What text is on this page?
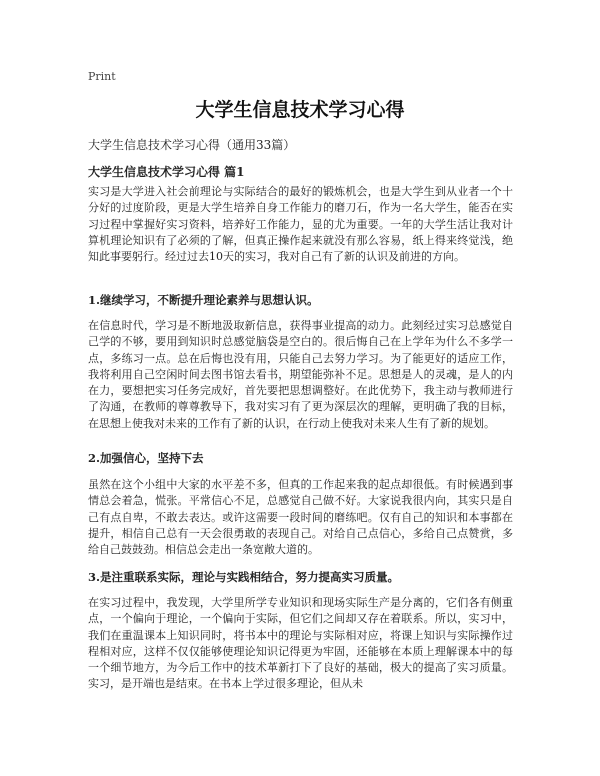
Print
大学生信息技术学习心得
大学生信息技术学习心得（通用33篇）
大学生信息技术学习心得 篇1
实习是大学进入社会前理论与实际结合的最好的锻炼机会，也是大学生到从业者一个十分好的过度阶段，更是大学生培养自身工作能力的磨刀石，作为一名大学生，能否在实习过程中掌握好实习资料，培养好工作能力，显的尤为重要。一年的大学生活让我对计算机理论知识有了必须的了解，但真正操作起来就没有那么容易，纸上得来终觉浅，绝知此事要躬行。经过过去10天的实习，我对自己有了新的认识及前进的方向。
1.继续学习，不断提升理论素养与思想认识。
在信息时代，学习是不断地汲取新信息，获得事业提高的动力。此刻经过实习总感觉自己学的不够，要用到知识时总感觉脑袋是空白的。很后悔自己在上学年为什么不多学一点，多练习一点。总在后悔也没有用，只能自己去努力学习。为了能更好的适应工作，我将利用自己空闲时间去图书馆去看书，期望能弥补不足。思想是人的灵魂，是人的内在力，要想把实习任务完成好，首先要把思想调整好。在此优势下，我主动与教师进行了沟通，在教师的尊尊教导下，我对实习有了更为深层次的理解，更明确了我的目标，在思想上使我对未来的工作有了新的认识，在行动上使我对未来人生有了新的规划。
2.加强信心，坚持下去
虽然在这个小组中大家的水平差不多，但真的工作起来我的起点却很低。有时候遇到事情总会着急，慌张。平常信心不足，总感觉自己做不好。大家说我很内向，其实只是自己有点自卑，不敢去表达。或许这需要一段时间的磨练吧。仅有自己的知识和本事都在提升，相信自己总有一天会很勇敢的表现自己。对给自己点信心，多给自己点赞赏，多给自己鼓鼓劲。相信总会走出一条宽敞大道的。
3.是注重联系实际，理论与实践相结合，努力提高实习质量。
在实习过程中，我发现，大学里所学专业知识和现场实际生产是分离的，它们各有侧重点，一个偏向于理论，一个偏向于实际，但它们之间却又存在着联系。所以，实习中，我们在重温课本上知识同时，将书本中的理论与实际相对应，将课上知识与实际操作过程相对应，这样不仅仅能够使理论知识记得更为牢固，还能够在本质上理解课本中的每一个细节地方，为今后工作中的技术革新打下了良好的基础，极大的提高了实习质量。实习，是开端也是结束。在书本上学过很多理论，但从未
